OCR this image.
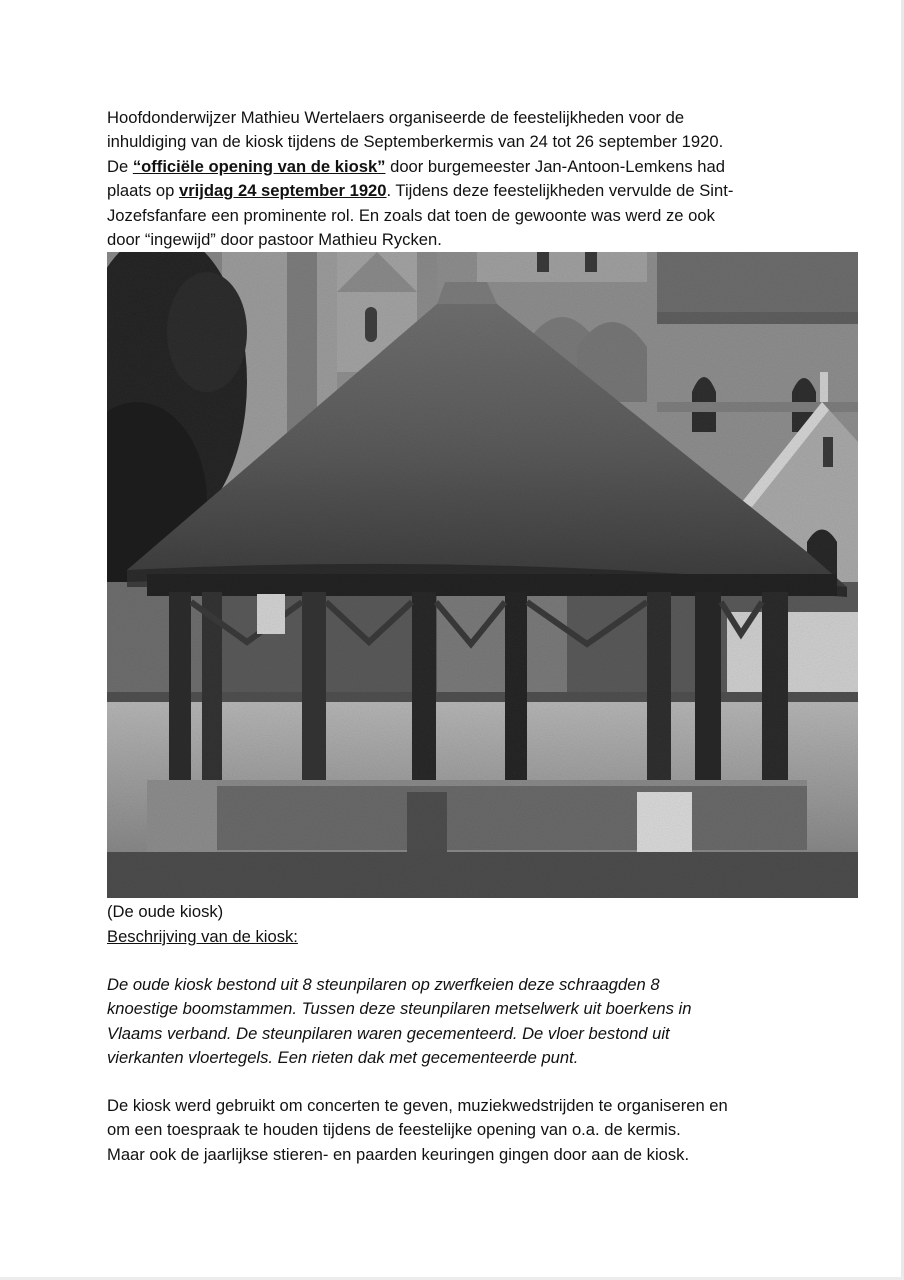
Hoofdonderwijzer Mathieu Wertelaers organiseerde de feestelijkheden voor de
inhuldiging van de kiosk tijdens de Septemberkermis van 24 tot 26 september 1920.
De “officiële opening van de kiosk” door burgemeester Jan-Antoon-Lemkens had
plaats op vrijdag 24 september 1920. Tijdens deze feestelijkheden vervulde de Sint-
Jozefsfanfare een prominente rol. En zoals dat toen de gewoonte was werd ze ook
door “ingewijd” door pastoor Mathieu Rycken.

(De oude kiosk)

Beschrijving van de kiosk:

De oude kiosk bestond uit 8 steunpilaren op zwerfkeien deze schraagden 8
knoestige boomstammen. Tussen deze steunpilaren metselwerk uit boerkens in
Vlaams verband. De steunpilaren waren gecementeerd. De vloer bestond uit
vierkanten vloertegels. Een rieten dak met gecementeerde punt.

De kiosk werd gebruikt om concerten te geven, muziekwedstrijden te organiseren en
om een toespraak te houden tijdens de feestelijke opening van o.a. de kermis.
Maar ook de jaarlijkse stieren- en paarden keuringen gingen door aan de kiosk.
